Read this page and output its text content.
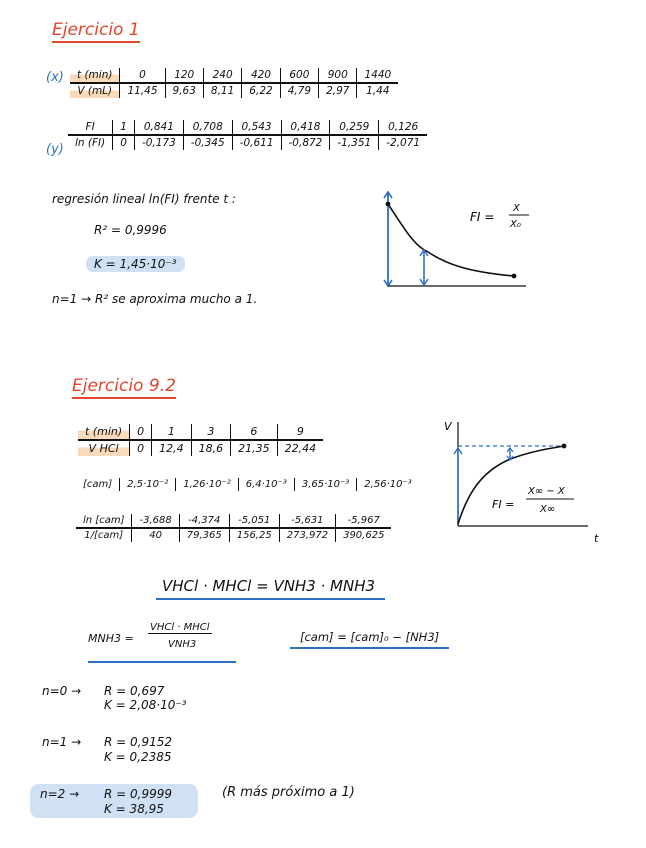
Ejercicio 1
(x) t (min)	0	120	240	420	600	900	1440
V (mL)	11,45	9,63	8,11	6,22	4,79	2,97	1,44
(y)
FI	1	0,841	0,708	0,543	0,418	0,259	0,126
ln (FI)	0	-0,173	-0,345	-0,611	-0,872	-1,351	-2,071
regresión lineal ln(FI) frente t :
R² = 0,9996
K = 1,45·10⁻³
n=1 → R² se aproxima mucho a 1.
FI =
X
X₀
Ejercicio 9.2
t (min)	0	1	3	6	9
V HCl	0	12,4	18,6	21,35	22,44
[cam]	2,5·10⁻²	1,26·10⁻²	6,4·10⁻³	3,65·10⁻³	2,56·10⁻³
ln [cam]	-3,688	-4,374	-5,051	-5,631	-5,967
1/[cam]	40	79,365	156,25	273,972	390,625
V
t
FI =
X∞ − X
X∞
VHCl · MHCl = VNH3 · MNH3
MNH3 =
VHCl · MHCl
VNH3
[cam] = [cam]₀ − [NH3]
n=0 → R = 0,697
K = 2,08·10⁻³
n=1 → R = 0,9152
K = 0,2385
n=2 → R = 0,9999
K = 38,95
(R más próximo a 1)
